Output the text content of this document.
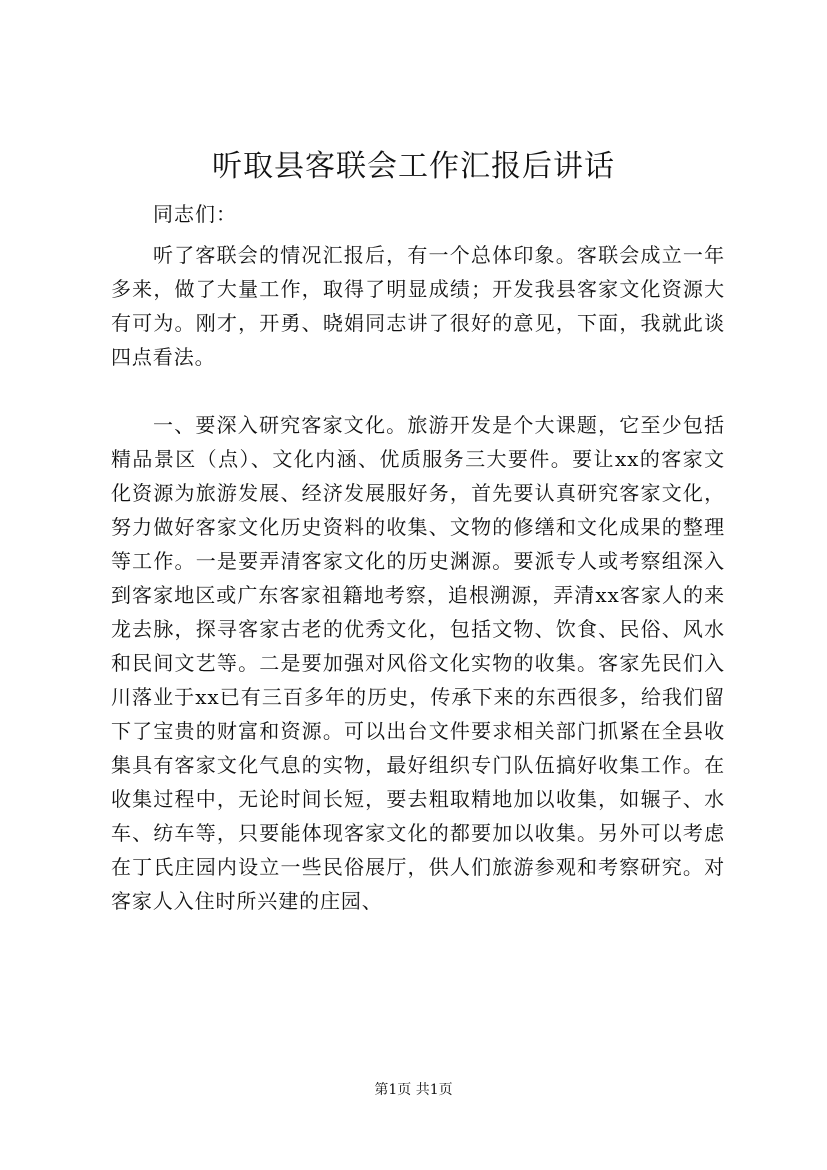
听取县客联会工作汇报后讲话
同志们：

听了客联会的情况汇报后，有一个总体印象。客联会成立一年多来，做了大量工作，取得了明显成绩；开发我县客家文化资源大有可为。刚才，开勇、晓娟同志讲了很好的意见，下面，我就此谈四点看法。

一、要深入研究客家文化。旅游开发是个大课题，它至少包括精品景区（点）、文化内涵、优质服务三大要件。要让xx的客家文化资源为旅游发展、经济发展服好务，首先要认真研究客家文化，努力做好客家文化历史资料的收集、文物的修缮和文化成果的整理等工作。一是要弄清客家文化的历史渊源。要派专人或考察组深入到客家地区或广东客家祖籍地考察，追根溯源，弄清xx客家人的来龙去脉，探寻客家古老的优秀文化，包括文物、饮食、民俗、风水和民间文艺等。二是要加强对风俗文化实物的收集。客家先民们入川落业于xx已有三百多年的历史，传承下来的东西很多，给我们留下了宝贵的财富和资源。可以出台文件要求相关部门抓紧在全县收集具有客家文化气息的实物，最好组织专门队伍搞好收集工作。在收集过程中，无论时间长短，要去粗取精地加以收集，如辗子、水车、纺车等，只要能体现客家文化的都要加以收集。另外可以考虑在丁氏庄园内设立一些民俗展厅，供人们旅游参观和考察研究。对客家人入住时所兴建的庄园、

第1页 共1页
